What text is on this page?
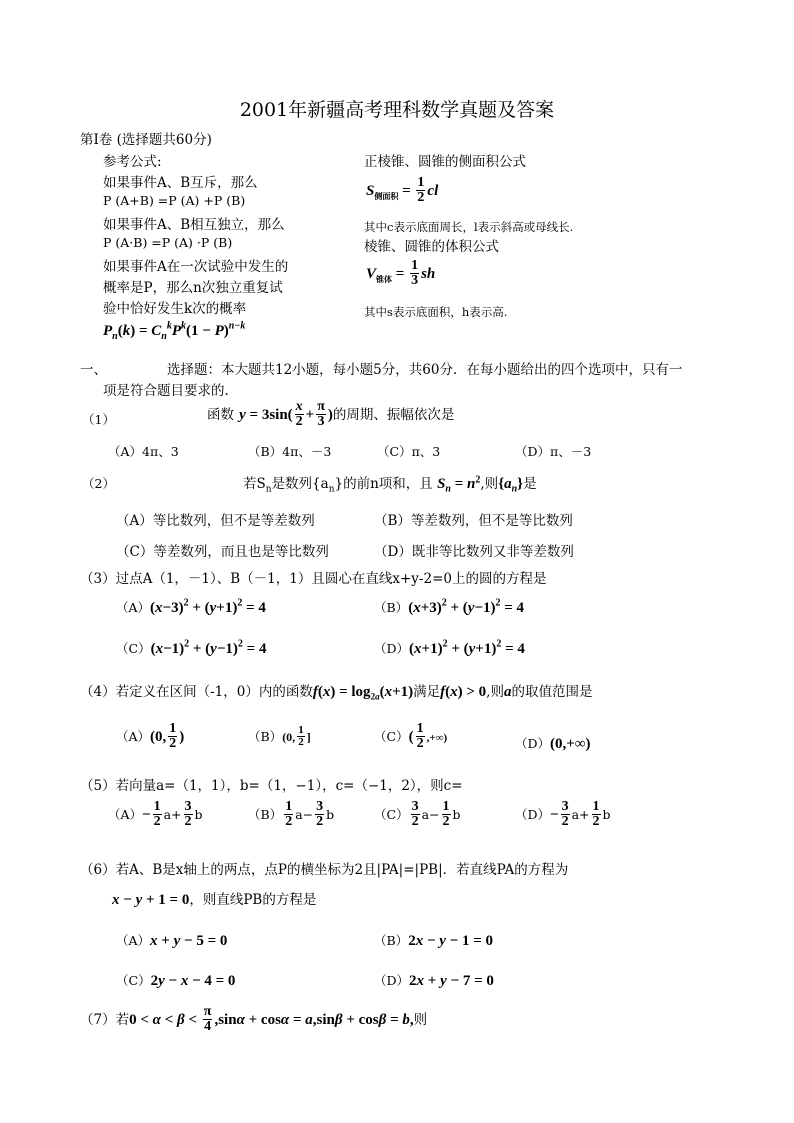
2001年新疆高考理科数学真题及答案
第Ⅰ卷 (选择题共60分)
参考公式:
如果事件A、B互斥，那么
P (A+B) =P (A) +P (B)
如果事件A、B相互独立，那么
P (A·B) =P (A) ·P (B)
如果事件A在一次试验中发生的
概率是P，那么n次独立重复试
验中恰好发生k次的概率
$P_n(k) = C_n^kP^k(1 - P)^{n-k}$
正棱锥、圆锥的侧面积公式
$S_{侧面积} = \frac{1}{2}$ cl
其中c表示底面周长，l表示斜高或母线长.
棱锥、圆锥的体积公式
$V_{锥体} = \frac{1}{3}$ sh
其中s表示底面积，h表示高.
一、	选择题：本大题共12小题，每小题5分，共60分．在每小题给出的四个选项中，只有一
项是符合题目要求的.
（1）	函数 $y = 3\sin( \frac{x}{2} + \frac{\pi}{3}$ )的周期、振幅依次是
（A）4π、3	（B）4π、－3	（C）π、3	（D）π、－3
（2）	若$S_n$是数列$\{a_n\}$的前n项和，且 $S_n = n^2$,则$\{a_n\}$是
（A）等比数列，但不是等差数列	（B）等差数列，但不是等比数列
（C）等差数列，而且也是等比数列	（D）既非等比数列又非等差数列
（3）过点A（1，－1）、B（－1，1）且圆心在直线x+y-2=0上的圆的方程是
$(A)(x-3)^2 + (y+1)^2 = 4$	$(B)(x+3)^2 + (y-1)^2 = 4$
$(C)(x-1)^2 + (y-1)^2 = 4$	$(D)(x+1)^2 + (y+1)^2 = 4$
（4）若定义在区间（-1，0）内的函数$f(x) = \log_{2a}(x+1)$满足f(x) > 0,则a的取值范围是
（A）(0, $\frac{1}{2}$ )	（B）(0, $\frac{1}{2}$ ]	$(C)( \frac{1}{2}$ ,+∞)	（D）(0,+∞)
（5）若向量a=（1，1），b=（1，−1），c=（−1，2），则c=
$(A)- \frac{1}{2} a+ \frac{3}{2}$ b	$(B) \frac{1}{2} a- \frac{3}{2}$ b	$(C) \frac{3}{2} a- \frac{1}{2}$ b	$(D)- \frac{3}{2} a+ \frac{1}{2}$ b
（6）若A、B是x轴上的两点，点P的横坐标为2且|PA|=|PB|．若直线PA的方程为
x − y + 1 = 0，则直线PB的方程是
（A）x + y − 5 = 0	（B）2x − y − 1 = 0
（C）2y − x − 4 = 0	（D）2x + y − 7 = 0
（7）若$0 < \alpha < \beta < \frac{\pi}{4} ,\sin\alpha + \cos\alpha = a,\sin\beta + \cos\beta = b$,则
